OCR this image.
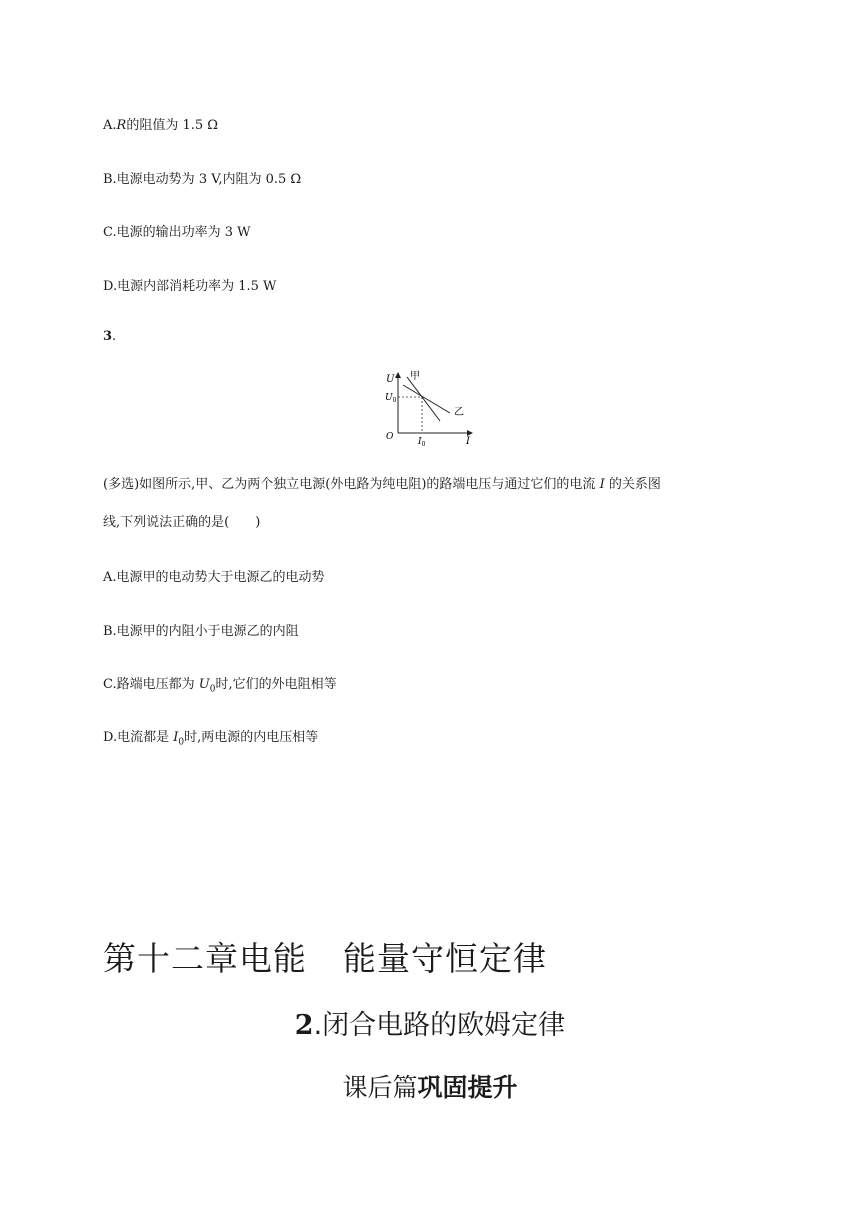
A.R的阻值为 1.5 Ω
B.电源电动势为 3 V,内阻为 0.5 Ω
C.电源的输出功率为 3 W
D.电源内部消耗功率为 1.5 W
3.
U
I
O
$U_0$
$I_0$
甲
乙
(多选)如图所示,甲、乙为两个独立电源(外电路为纯电阻)的路端电压与通过它们的电流 I 的关系图
线,下列说法正确的是(　　)
A.电源甲的电动势大于电源乙的电动势
B.电源甲的内阻小于电源乙的内阻
C.路端电压都为 $U_0$时,它们的外电阻相等
D.电流都是 $I_0$时,两电源的内电压相等
第十二章电能 能量守恒定律
2.闭合电路的欧姆定律
课后篇巩固提升
